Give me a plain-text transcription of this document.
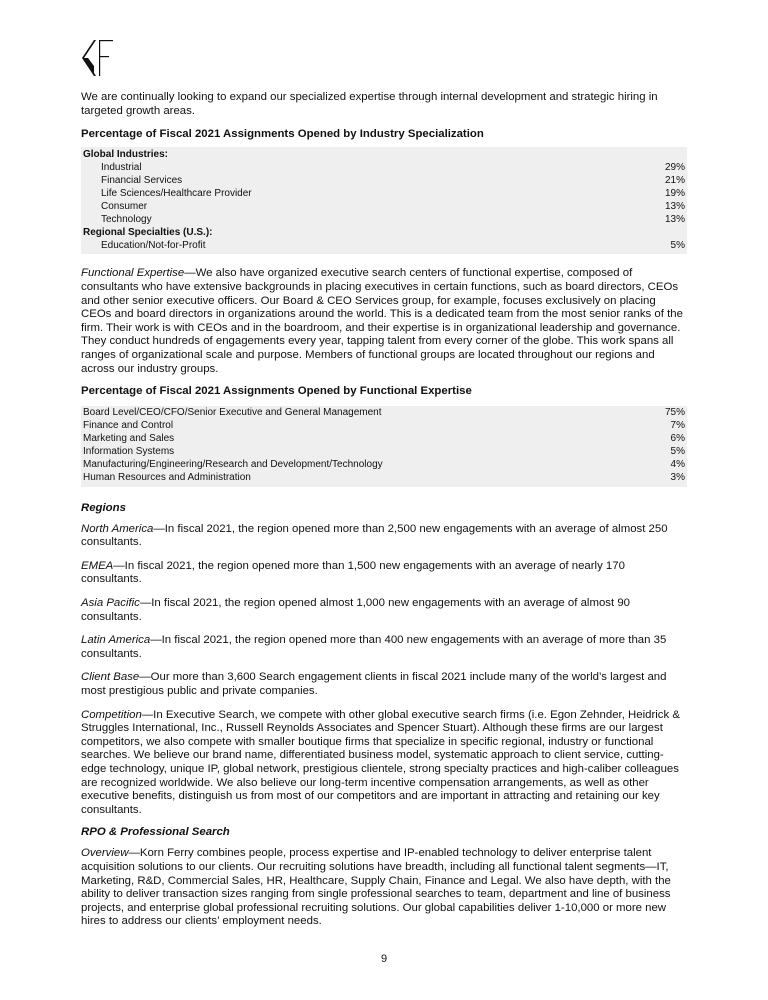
We are continually looking to expand our specialized expertise through internal development and strategic hiring in targeted growth areas.

Percentage of Fiscal 2021 Assignments Opened by Industry Specialization
Global Industries:
Industrial	29%
Financial Services	21%
Life Sciences/Healthcare Provider	19%
Consumer	13%
Technology	13%
Regional Specialties (U.S.):
Education/Not-for-Profit	5%

Functional Expertise—We also have organized executive search centers of functional expertise, composed of consultants who have extensive backgrounds in placing executives in certain functions, such as board directors, CEOs and other senior executive officers. Our Board & CEO Services group, for example, focuses exclusively on placing CEOs and board directors in organizations around the world. This is a dedicated team from the most senior ranks of the firm. Their work is with CEOs and in the boardroom, and their expertise is in organizational leadership and governance. They conduct hundreds of engagements every year, tapping talent from every corner of the globe. This work spans all ranges of organizational scale and purpose. Members of functional groups are located throughout our regions and across our industry groups.

Percentage of Fiscal 2021 Assignments Opened by Functional Expertise
Board Level/CEO/CFO/Senior Executive and General Management	75%
Finance and Control	7%
Marketing and Sales	6%
Information Systems	5%
Manufacturing/Engineering/Research and Development/Technology	4%
Human Resources and Administration	3%
Regions

North America—In fiscal 2021, the region opened more than 2,500 new engagements with an average of almost 250 consultants.

EMEA—In fiscal 2021, the region opened more than 1,500 new engagements with an average of nearly 170 consultants.

Asia Pacific—In fiscal 2021, the region opened almost 1,000 new engagements with an average of almost 90 consultants.

Latin America—In fiscal 2021, the region opened more than 400 new engagements with an average of more than 35 consultants.

Client Base—Our more than 3,600 Search engagement clients in fiscal 2021 include many of the world’s largest and most prestigious public and private companies.

Competition—In Executive Search, we compete with other global executive search firms (i.e. Egon Zehnder, Heidrick & Struggles International, Inc., Russell Reynolds Associates and Spencer Stuart). Although these firms are our largest competitors, we also compete with smaller boutique firms that specialize in specific regional, industry or functional searches. We believe our brand name, differentiated business model, systematic approach to client service, cutting-edge technology, unique IP, global network, prestigious clientele, strong specialty practices and high-caliber colleagues are recognized worldwide. We also believe our long-term incentive compensation arrangements, as well as other executive benefits, distinguish us from most of our competitors and are important in attracting and retaining our key consultants.

RPO & Professional Search

Overview—Korn Ferry combines people, process expertise and IP-enabled technology to deliver enterprise talent acquisition solutions to our clients. Our recruiting solutions have breadth, including all functional talent segments—IT, Marketing, R&D, Commercial Sales, HR, Healthcare, Supply Chain, Finance and Legal. We also have depth, with the ability to deliver transaction sizes ranging from single professional searches to team, department and line of business projects, and enterprise global professional recruiting solutions. Our global capabilities deliver 1-10,000 or more new hires to address our clients’ employment needs.

9
